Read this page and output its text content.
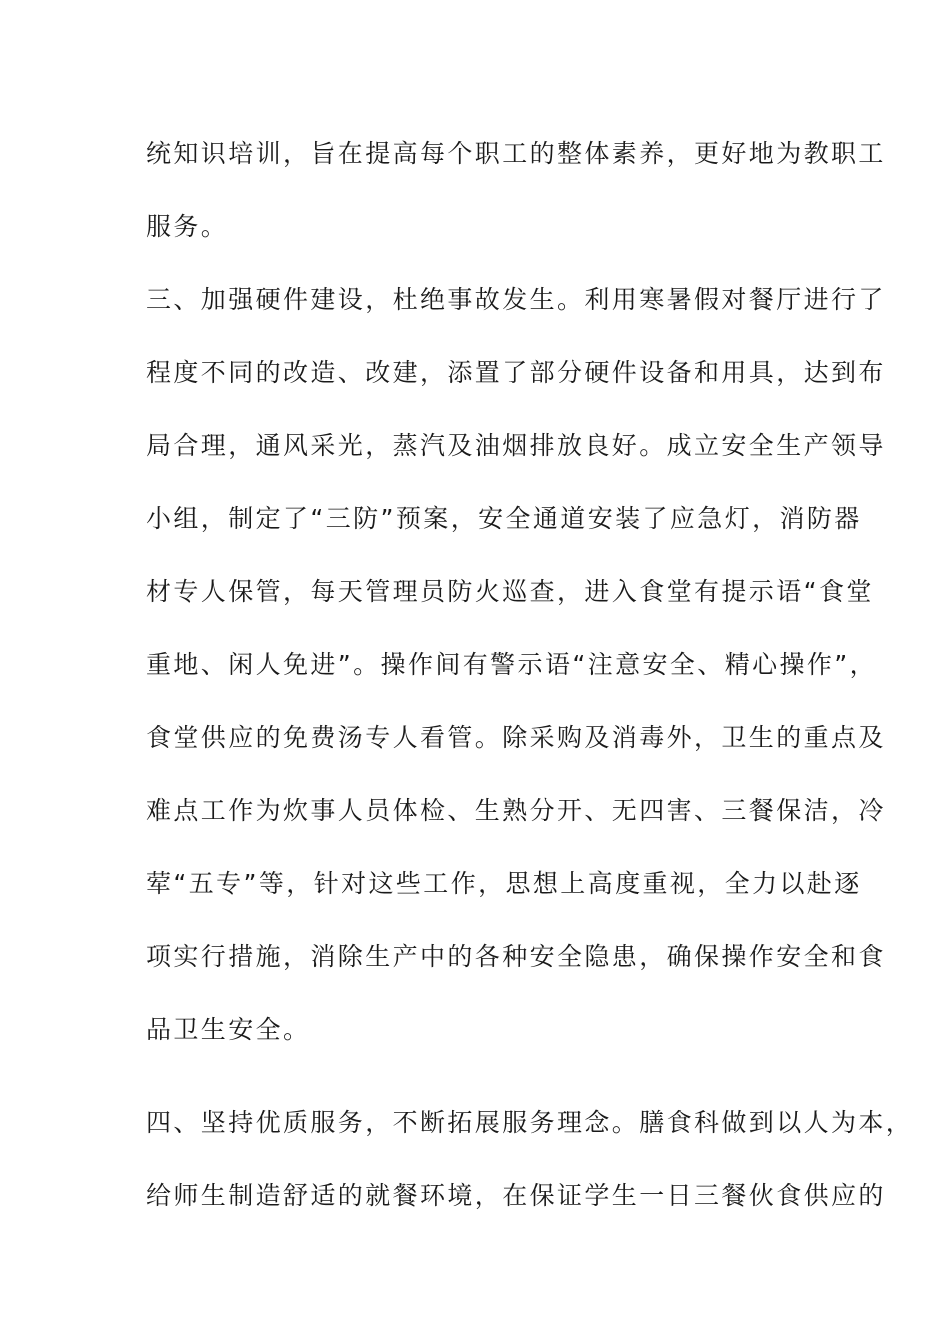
统知识培训，旨在提高每个职工的整体素养，更好地为教职工
服务。
三、加强硬件建设，杜绝事故发生。利用寒暑假对餐厅进行了
程度不同的改造、改建，添置了部分硬件设备和用具，达到布
局合理，通风采光，蒸汽及油烟排放良好。成立安全生产领导
小组，制定了“三防”预案，安全通道安装了应急灯，消防器
材专人保管，每天管理员防火巡查，进入食堂有提示语“食堂
重地、闲人免进”。操作间有警示语“注意安全、精心操作”，
食堂供应的免费汤专人看管。除采购及消毒外，卫生的重点及
难点工作为炊事人员体检、生熟分开、无四害、三餐保洁，冷
荤“五专”等，针对这些工作，思想上高度重视，全力以赴逐
项实行措施，消除生产中的各种安全隐患，确保操作安全和食
品卫生安全。
四、坚持优质服务，不断拓展服务理念。膳食科做到以人为本，
给师生制造舒适的就餐环境，在保证学生一日三餐伙食供应的
